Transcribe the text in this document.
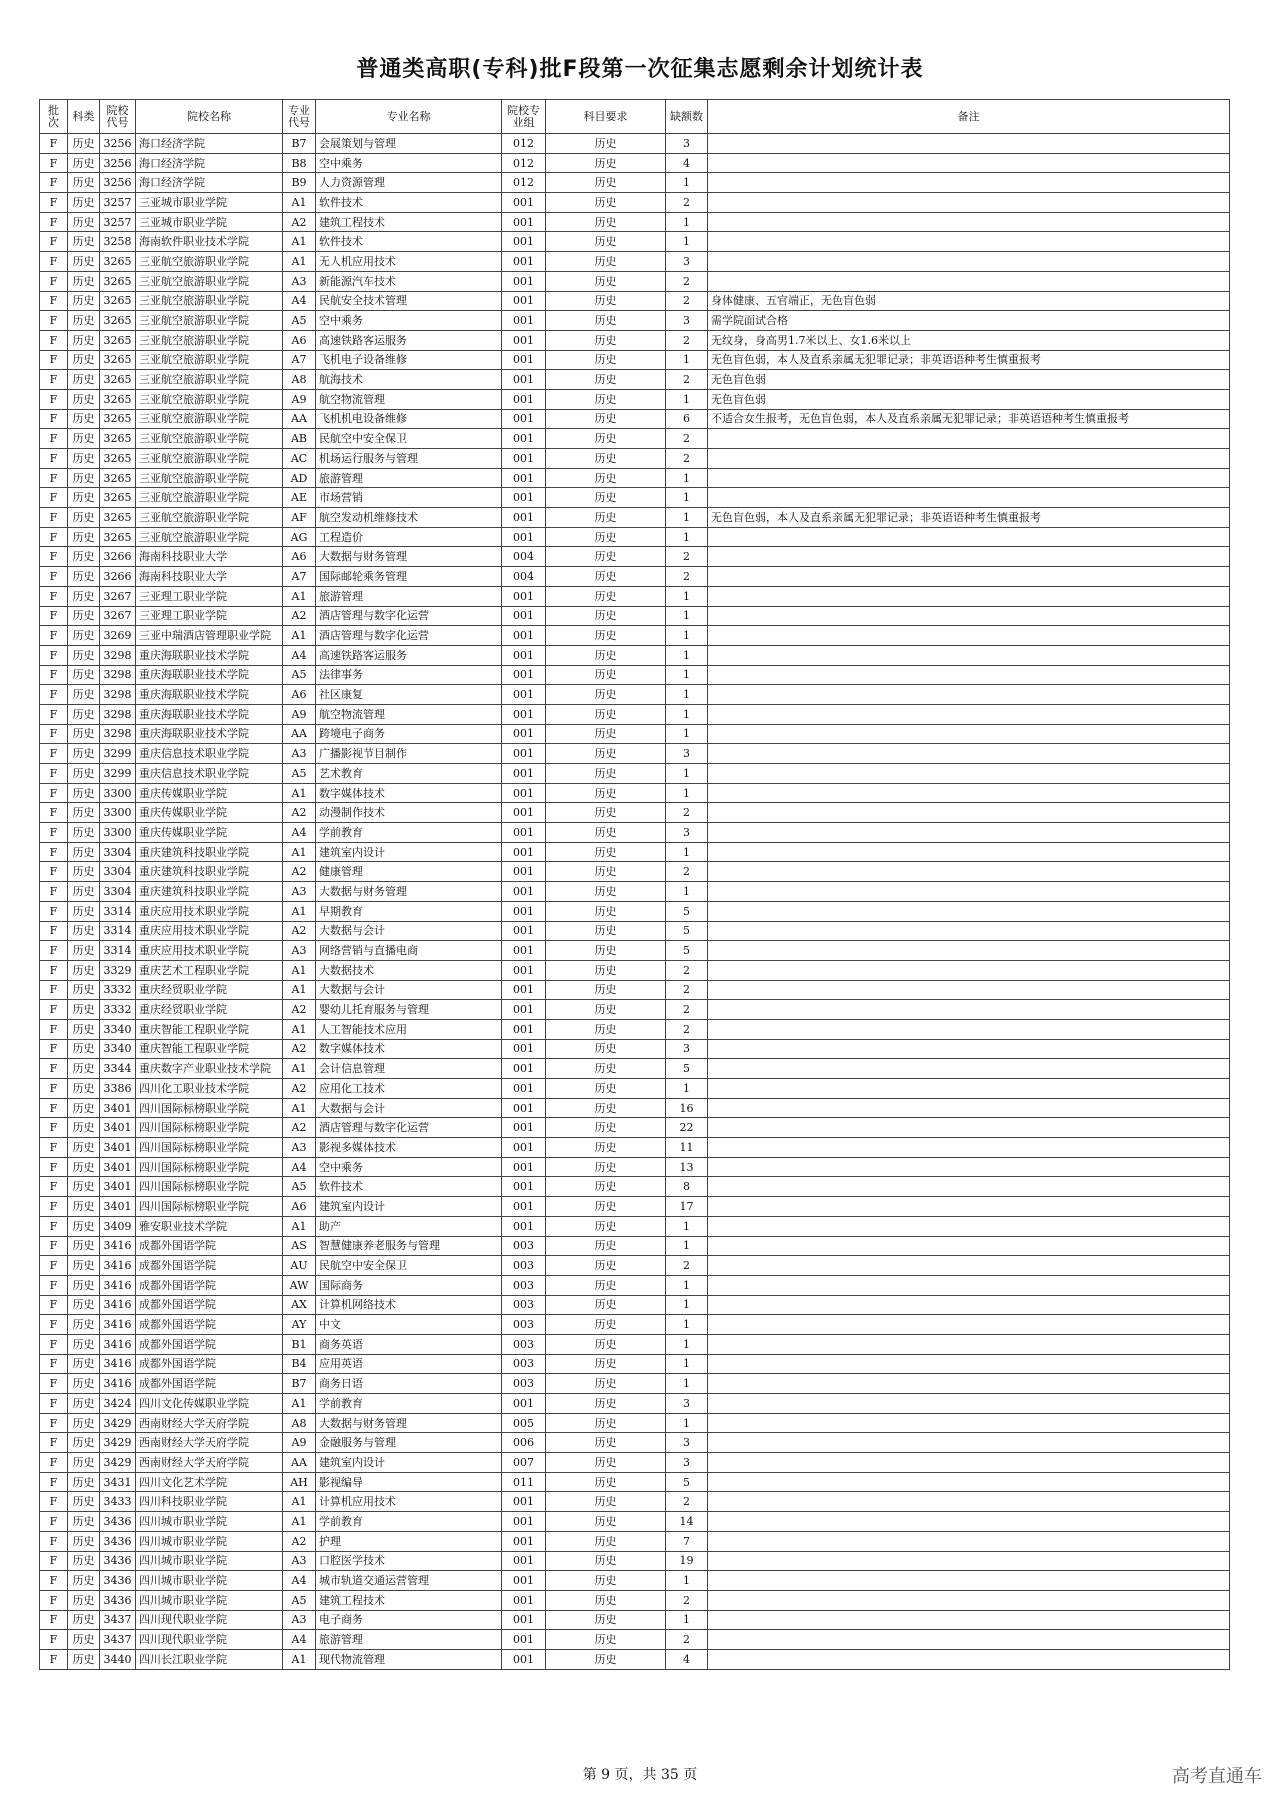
普通类高职(专科)批F段第一次征集志愿剩余计划统计表
批次	科类	院校代号	院校名称	专业代号	专业名称	院校专业组	科目要求	缺额数	备注
F	历史	3256	海口经济学院	B7	会展策划与管理	012	历史	3	
F	历史	3256	海口经济学院	B8	空中乘务	012	历史	4	
F	历史	3256	海口经济学院	B9	人力资源管理	012	历史	1	
F	历史	3257	三亚城市职业学院	A1	软件技术	001	历史	2	
F	历史	3257	三亚城市职业学院	A2	建筑工程技术	001	历史	1	
F	历史	3258	海南软件职业技术学院	A1	软件技术	001	历史	1	
F	历史	3265	三亚航空旅游职业学院	A1	无人机应用技术	001	历史	3	
F	历史	3265	三亚航空旅游职业学院	A3	新能源汽车技术	001	历史	2	
F	历史	3265	三亚航空旅游职业学院	A4	民航安全技术管理	001	历史	2	身体健康、五官端正，无色盲色弱
F	历史	3265	三亚航空旅游职业学院	A5	空中乘务	001	历史	3	需学院面试合格
F	历史	3265	三亚航空旅游职业学院	A6	高速铁路客运服务	001	历史	2	无纹身，身高男1.7米以上、女1.6米以上
F	历史	3265	三亚航空旅游职业学院	A7	飞机电子设备维修	001	历史	1	无色盲色弱，本人及直系亲属无犯罪记录；非英语语种考生慎重报考
F	历史	3265	三亚航空旅游职业学院	A8	航海技术	001	历史	2	无色盲色弱
F	历史	3265	三亚航空旅游职业学院	A9	航空物流管理	001	历史	1	无色盲色弱
F	历史	3265	三亚航空旅游职业学院	AA	飞机机电设备维修	001	历史	6	不适合女生报考，无色盲色弱，本人及直系亲属无犯罪记录；非英语语种考生慎重报考
F	历史	3265	三亚航空旅游职业学院	AB	民航空中安全保卫	001	历史	2	
F	历史	3265	三亚航空旅游职业学院	AC	机场运行服务与管理	001	历史	2	
F	历史	3265	三亚航空旅游职业学院	AD	旅游管理	001	历史	1	
F	历史	3265	三亚航空旅游职业学院	AE	市场营销	001	历史	1	
F	历史	3265	三亚航空旅游职业学院	AF	航空发动机维修技术	001	历史	1	无色盲色弱，本人及直系亲属无犯罪记录；非英语语种考生慎重报考
F	历史	3265	三亚航空旅游职业学院	AG	工程造价	001	历史	1	
F	历史	3266	海南科技职业大学	A6	大数据与财务管理	004	历史	2	
F	历史	3266	海南科技职业大学	A7	国际邮轮乘务管理	004	历史	2	
F	历史	3267	三亚理工职业学院	A1	旅游管理	001	历史	1	
F	历史	3267	三亚理工职业学院	A2	酒店管理与数字化运营	001	历史	1	
F	历史	3269	三亚中瑞酒店管理职业学院	A1	酒店管理与数字化运营	001	历史	1	
F	历史	3298	重庆海联职业技术学院	A4	高速铁路客运服务	001	历史	1	
F	历史	3298	重庆海联职业技术学院	A5	法律事务	001	历史	1	
F	历史	3298	重庆海联职业技术学院	A6	社区康复	001	历史	1	
F	历史	3298	重庆海联职业技术学院	A9	航空物流管理	001	历史	1	
F	历史	3298	重庆海联职业技术学院	AA	跨境电子商务	001	历史	1	
F	历史	3299	重庆信息技术职业学院	A3	广播影视节目制作	001	历史	3	
F	历史	3299	重庆信息技术职业学院	A5	艺术教育	001	历史	1	
F	历史	3300	重庆传媒职业学院	A1	数字媒体技术	001	历史	1	
F	历史	3300	重庆传媒职业学院	A2	动漫制作技术	001	历史	2	
F	历史	3300	重庆传媒职业学院	A4	学前教育	001	历史	3	
F	历史	3304	重庆建筑科技职业学院	A1	建筑室内设计	001	历史	1	
F	历史	3304	重庆建筑科技职业学院	A2	健康管理	001	历史	2	
F	历史	3304	重庆建筑科技职业学院	A3	大数据与财务管理	001	历史	1	
F	历史	3314	重庆应用技术职业学院	A1	早期教育	001	历史	5	
F	历史	3314	重庆应用技术职业学院	A2	大数据与会计	001	历史	5	
F	历史	3314	重庆应用技术职业学院	A3	网络营销与直播电商	001	历史	5	
F	历史	3329	重庆艺术工程职业学院	A1	大数据技术	001	历史	2	
F	历史	3332	重庆经贸职业学院	A1	大数据与会计	001	历史	2	
F	历史	3332	重庆经贸职业学院	A2	婴幼儿托育服务与管理	001	历史	2	
F	历史	3340	重庆智能工程职业学院	A1	人工智能技术应用	001	历史	2	
F	历史	3340	重庆智能工程职业学院	A2	数字媒体技术	001	历史	3	
F	历史	3344	重庆数字产业职业技术学院	A1	会计信息管理	001	历史	5	
F	历史	3386	四川化工职业技术学院	A2	应用化工技术	001	历史	1	
F	历史	3401	四川国际标榜职业学院	A1	大数据与会计	001	历史	16	
F	历史	3401	四川国际标榜职业学院	A2	酒店管理与数字化运营	001	历史	22	
F	历史	3401	四川国际标榜职业学院	A3	影视多媒体技术	001	历史	11	
F	历史	3401	四川国际标榜职业学院	A4	空中乘务	001	历史	13	
F	历史	3401	四川国际标榜职业学院	A5	软件技术	001	历史	8	
F	历史	3401	四川国际标榜职业学院	A6	建筑室内设计	001	历史	17	
F	历史	3409	雅安职业技术学院	A1	助产	001	历史	1	
F	历史	3416	成都外国语学院	AS	智慧健康养老服务与管理	003	历史	1	
F	历史	3416	成都外国语学院	AU	民航空中安全保卫	003	历史	2	
F	历史	3416	成都外国语学院	AW	国际商务	003	历史	1	
F	历史	3416	成都外国语学院	AX	计算机网络技术	003	历史	1	
F	历史	3416	成都外国语学院	AY	中文	003	历史	1	
F	历史	3416	成都外国语学院	B1	商务英语	003	历史	1	
F	历史	3416	成都外国语学院	B4	应用英语	003	历史	1	
F	历史	3416	成都外国语学院	B7	商务日语	003	历史	1	
F	历史	3424	四川文化传媒职业学院	A1	学前教育	001	历史	3	
F	历史	3429	西南财经大学天府学院	A8	大数据与财务管理	005	历史	1	
F	历史	3429	西南财经大学天府学院	A9	金融服务与管理	006	历史	3	
F	历史	3429	西南财经大学天府学院	AA	建筑室内设计	007	历史	3	
F	历史	3431	四川文化艺术学院	AH	影视编导	011	历史	5	
F	历史	3433	四川科技职业学院	A1	计算机应用技术	001	历史	2	
F	历史	3436	四川城市职业学院	A1	学前教育	001	历史	14	
F	历史	3436	四川城市职业学院	A2	护理	001	历史	7	
F	历史	3436	四川城市职业学院	A3	口腔医学技术	001	历史	19	
F	历史	3436	四川城市职业学院	A4	城市轨道交通运营管理	001	历史	1	
F	历史	3436	四川城市职业学院	A5	建筑工程技术	001	历史	2	
F	历史	3437	四川现代职业学院	A3	电子商务	001	历史	1	
F	历史	3437	四川现代职业学院	A4	旅游管理	001	历史	2	
F	历史	3440	四川长江职业学院	A1	现代物流管理	001	历史	4	
第 9 页，共 35 页	高考直通车
